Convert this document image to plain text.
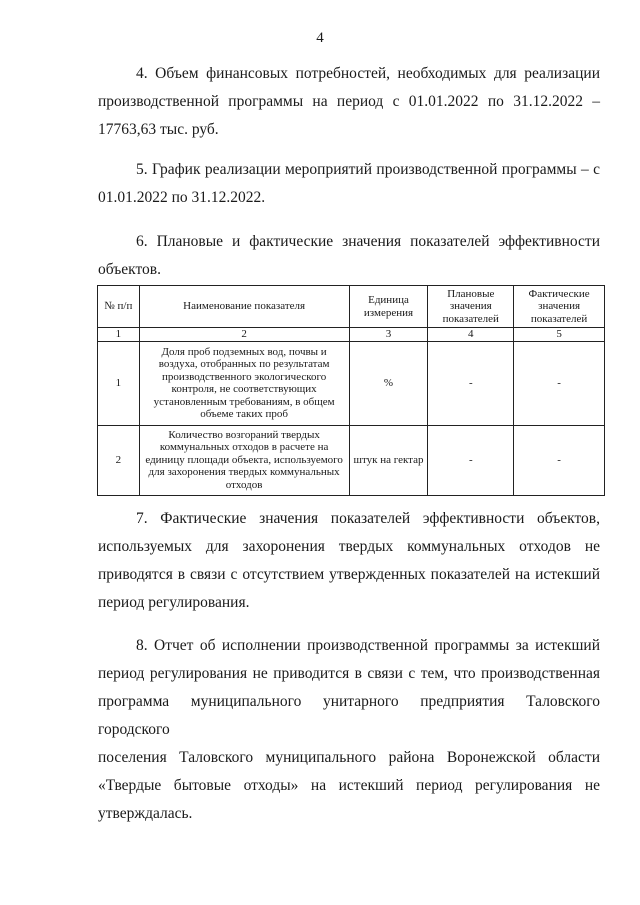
4
4. Объем финансовых потребностей, необходимых для реализации
производственной программы на период с 01.01.2022 по 31.12.2022 –
17763,63 тыс. руб.
5. График реализации мероприятий производственной программы – с
01.01.2022 по 31.12.2022.
6. Плановые и фактические значения показателей эффективности
объектов.
№ п/п	Наименование показателя	Единица измерения	Плановые значения показателей	Фактические значения показателей
1	2	3	4	5
1	Доля проб подземных вод, почвы и воздуха, отобранных по результатам производственного экологического контроля, не соответствующих установленным требованиям, в общем объеме таких проб	%	-	-
2	Количество возгораний твердых коммунальных отходов в расчете на единицу площади объекта, используемого для захоронения твердых коммунальных отходов	штук на гектар	-	-
7. Фактические значения показателей эффективности объектов,
используемых для захоронения твердых коммунальных отходов не
приводятся в связи с отсутствием утвержденных показателей на истекший
период регулирования.
8. Отчет об исполнении производственной программы за истекший
период регулирования не приводится в связи с тем, что производственная
программа муниципального унитарного предприятия Таловского городского
поселения Таловского муниципального района Воронежской области
«Твердые бытовые отходы» на истекший период регулирования не
утверждалась.
